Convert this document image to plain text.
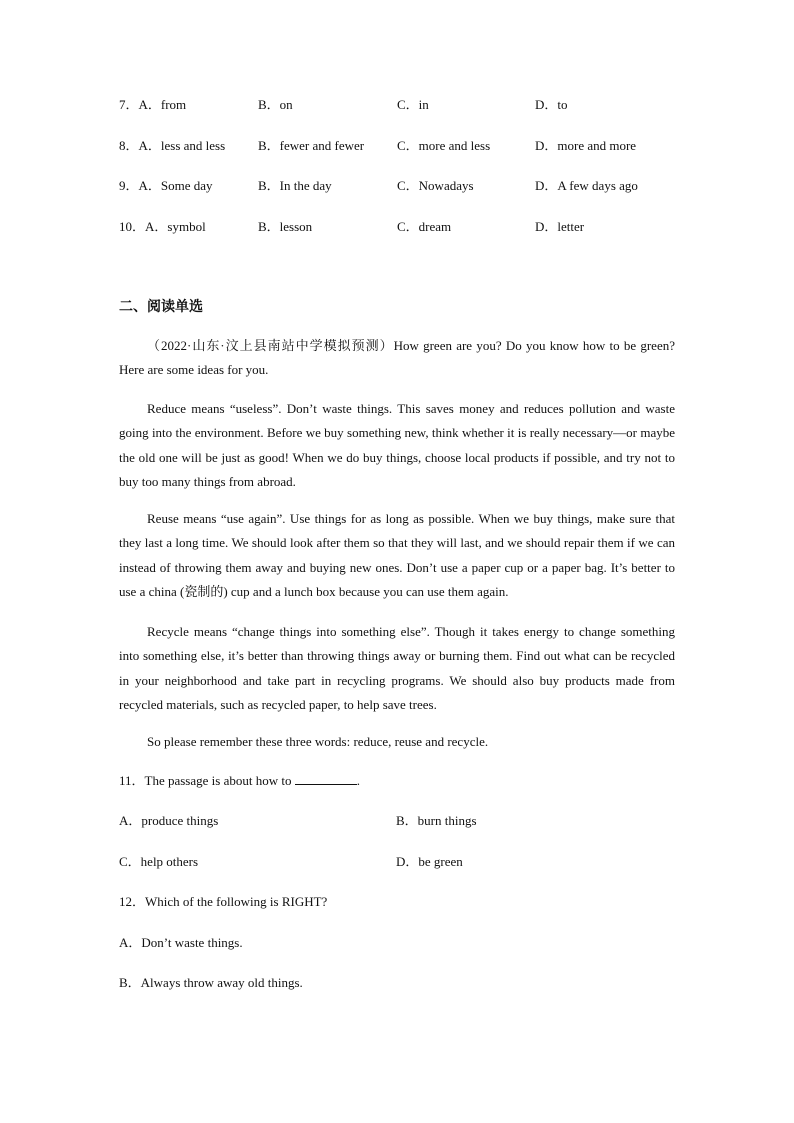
7．A．from	B．on	C．in	D．to
8．A．less and less	B．fewer and fewer	C．more and less	D．more and more
9．A．Some day	B．In the day	C．Nowadays	D．A few days ago
10．A．symbol	B．lesson	C．dream	D．letter
二、阅读单选

（2022·山东·汶上县南站中学模拟预测）How green are you? Do you know how to be green? Here are some ideas for you.

Reduce means “useless”. Don’t waste things. This saves money and reduces pollution and waste going into the environment. Before we buy something new, think whether it is really necessary—or maybe the old one will be just as good! When we do buy things, choose local products if possible, and try not to buy too many things from abroad.

Reuse means “use again”. Use things for as long as possible. When we buy things, make sure that they last a long time. We should look after them so that they will last, and we should repair them if we can instead of throwing them away and buying new ones. Don’t use a paper cup or a paper bag. It’s better to use a china (瓷制的) cup and a lunch box because you can use them again.

Recycle means “change things into something else”. Though it takes energy to change something into something else, it’s better than throwing things away or burning them. Find out what can be recycled in your neighborhood and take part in recycling programs. We should also buy products made from recycled materials, such as recycled paper, to help save trees.

So please remember these three words: reduce, reuse and recycle.

11．The passage is about how to	.
A．produce things	B．burn things
C．help others	D．be green
12．Which of the following is RIGHT?
A．Don’t waste things.
B．Always throw away old things.
